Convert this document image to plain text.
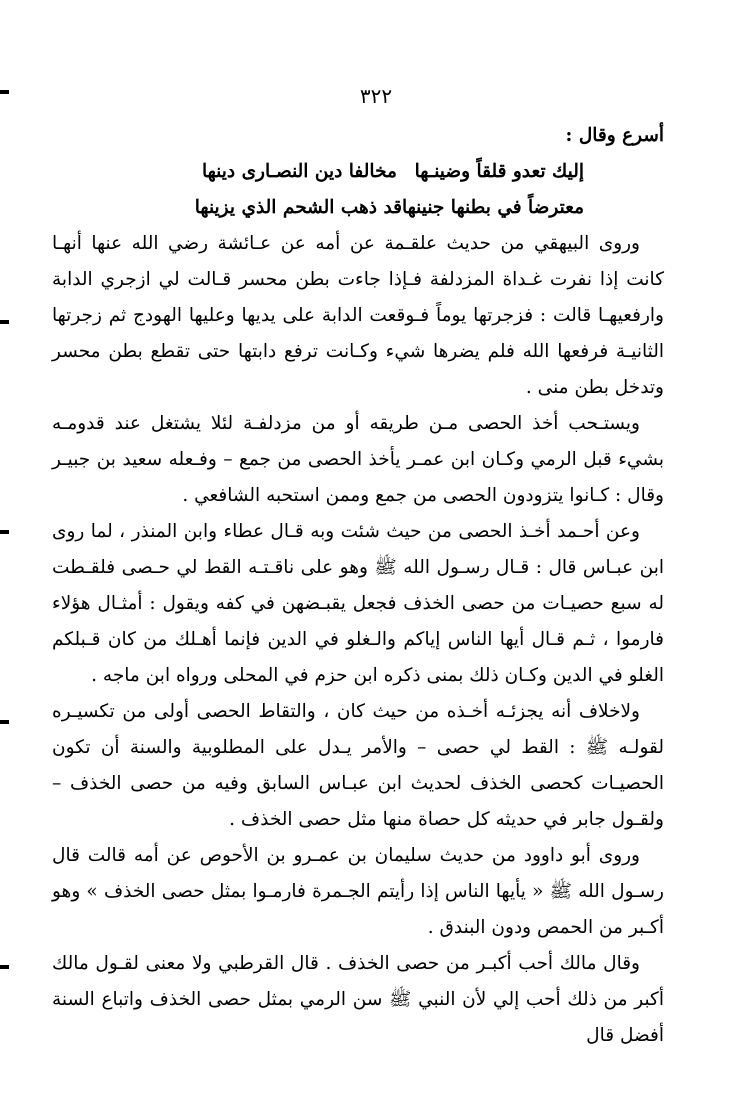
٣٢٢

أسرع وقال :

إليك تعدو قلقاً وضينـها
مخالفا دين النصـارى دينها
معترضاً في بطنها جنينها
قد ذهب الشحم الذي يزينها

وروى البيهقي من حديث علقـمة عن أمه عن عـائشة رضي الله عنها أنهـا كانت إذا نفرت غـداة المزدلفة فـإذا جاءت بطن محسر قـالت لي ازجري الدابة وارفعيهـا قالت : فزجرتها يوماً فـوقعت الدابة على يديها وعليها الهودج ثم زجرتها الثانيـة فرفعها الله فلم يضرها شيء وكـانت ترفع دابتها حتى تقطع بطن محسر وتدخل بطن منى .

ويستـحب أخذ الحصى مـن طريقه أو من مزدلفـة لئلا يشتغل عند قدومـه بشيء قبل الرمي وكـان ابن عمـر يأخذ الحصى من جمع – وفـعله سعيد بن جبيـر وقال : كـانوا يتزودون الحصى من جمع وممن استحبه الشافعي .

وعن أحـمد أخـذ الحصى من حيث شئت وبه قـال عطاء وابن المنذر ، لما روى ابن عبـاس قال : قـال رسـول الله ﷺ وهو على ناقـتـه القط لي حـصى فلقـطت له سبع حصيـات من حصى الخذف فجعل يقبـضهن في كفه ويقول : أمثـال هؤلاء فارموا ، ثـم قـال أيها الناس إياكم والـغلو في الدين فإنما أهـلك من كان قـبلكم الغلو في الدين وكـان ذلك بمنى ذكره ابن حزم في المحلى ورواه ابن ماجه .

ولاخلاف أنه يجزئـه أخـذه من حيث كان ، والتقاط الحصى أولى من تكسيـره لقولـه ﷺ : القط لي حصى – والأمر يـدل على المطلوبية والسنة أن تكون الحصيـات كحصى الخذف لحديث ابن عبـاس السابق وفيه من حصى الخذف – ولقـول جابر في حديثه كل حصاة منها مثل حصى الخذف .

وروى أبو داوود من حديث سليمان بن عمـرو بن الأحوص عن أمه قالت قال رسـول الله ﷺ « يأيها الناس إذا رأيتم الجـمرة فارمـوا بمثل حصى الخذف » وهو أكـبر من الحمص ودون البندق .

وقال مالك أحب أكبـر من حصى الخذف . قال القرطبي ولا معنى لقـول مالك أكبر من ذلك أحب إلي لأن النبي ﷺ سن الرمي بمثل حصى الخذف واتباع السنة أفضل قال
